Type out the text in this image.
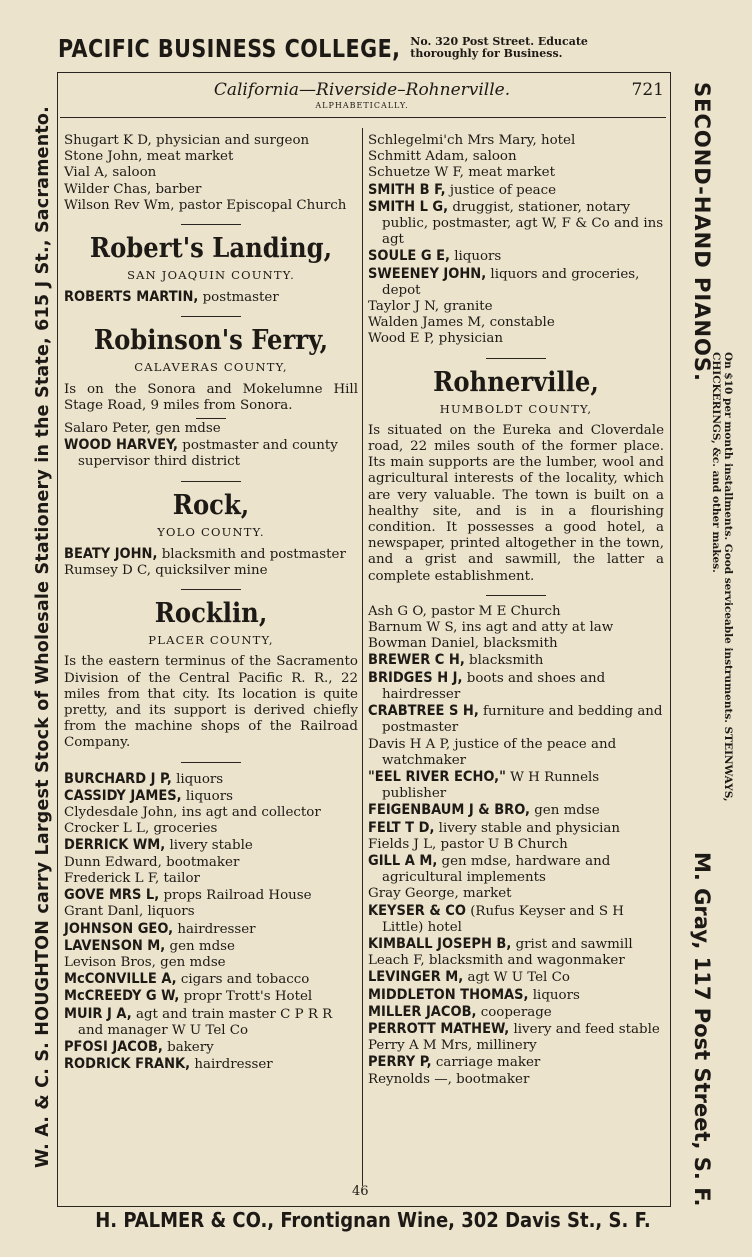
PACIFIC BUSINESS COLLEGE, No. 320 Post Street. Educate
thoroughly for Business.
W. A. & C. S. HOUGHTON carry Largest Stock of Wholesale Stationery in the State, 615 J St., Sacramento.	SECOND-HAND PIANOS.
On $10 per month installments. Good serviceable instruments. STEINWAYS, CHICKERINGS, &c. and other makes.
M. Gray, 117 Post Street, S. F.
California—Riverside–Rohnerville.	721
ALPHABETICALLY.

Shugart K D, physician and surgeon

Stone John, meat market

Vial A, saloon

Wilder Chas, barber

Wilson Rev Wm, pastor Episcopal Church

Robert's Landing,
SAN JOAQUIN COUNTY.

ROBERTS MARTIN, postmaster

Robinson's Ferry,
CALAVERAS COUNTY,

Is on the Sonora and Mokelumne Hill Stage Road, 9 miles from Sonora.

Salaro Peter, gen mdse

WOOD HARVEY, postmaster and county supervisor third district

Rock,
YOLO COUNTY.

BEATY JOHN, blacksmith and postmaster

Rumsey D C, quicksilver mine

Rocklin,
PLACER COUNTY,

Is the eastern terminus of the Sacramento Division of the Central Pacific R. R., 22 miles from that city. Its location is quite pretty, and its support is derived chiefly from the machine shops of the Railroad Company.

BURCHARD J P, liquors

CASSIDY JAMES, liquors

Clydesdale John, ins agt and collector

Crocker L L, groceries

DERRICK WM, livery stable

Dunn Edward, bootmaker

Frederick L F, tailor

GOVE MRS L, props Railroad House

Grant Danl, liquors

JOHNSON GEO, hairdresser

LAVENSON M, gen mdse

Levison Bros, gen mdse

McCONVILLE A, cigars and tobacco

McCREEDY G W, propr Trott's Hotel

MUIR J A, agt and train master C P R R and manager W U Tel Co

PFOSI JACOB, bakery

RODRICK FRANK, hairdresser

Schlegelmi'ch Mrs Mary, hotel

Schmitt Adam, saloon

Schuetze W F, meat market

SMITH B F, justice of peace

SMITH L G, druggist, stationer, notary public, postmaster, agt W, F & Co and ins agt

SOULE G E, liquors

SWEENEY JOHN, liquors and groceries, depot

Taylor J N, granite

Walden James M, constable

Wood E P, physician

Rohnerville,
HUMBOLDT COUNTY,

Is situated on the Eureka and Cloverdale road, 22 miles south of the former place. Its main supports are the lumber, wool and agricultural interests of the locality, which are very valuable. The town is built on a healthy site, and is in a flourishing condition. It possesses a good hotel, a newspaper, printed altogether in the town, and a grist and sawmill, the latter a complete establishment.

Ash G O, pastor M E Church

Barnum W S, ins agt and atty at law

Bowman Daniel, blacksmith

BREWER C H, blacksmith

BRIDGES H J, boots and shoes and hairdresser

CRABTREE S H, furniture and bedding and postmaster

Davis H A P, justice of the peace and watchmaker

"EEL RIVER ECHO," W H Runnels publisher

FEIGENBAUM J & BRO, gen mdse

FELT T D, livery stable and physician

Fields J L, pastor U B Church

GILL A M, gen mdse, hardware and agricultural implements

Gray George, market

KEYSER & CO (Rufus Keyser and S H Little) hotel

KIMBALL JOSEPH B, grist and sawmill

Leach F, blacksmith and wagonmaker

LEVINGER M, agt W U Tel Co

MIDDLETON THOMAS, liquors

MILLER JACOB, cooperage

PERROTT MATHEW, livery and feed stable

Perry A M Mrs, millinery

PERRY P, carriage maker

Reynolds —, bootmaker

46
H. PALMER & CO., Frontignan Wine, 302 Davis St., S. F.
